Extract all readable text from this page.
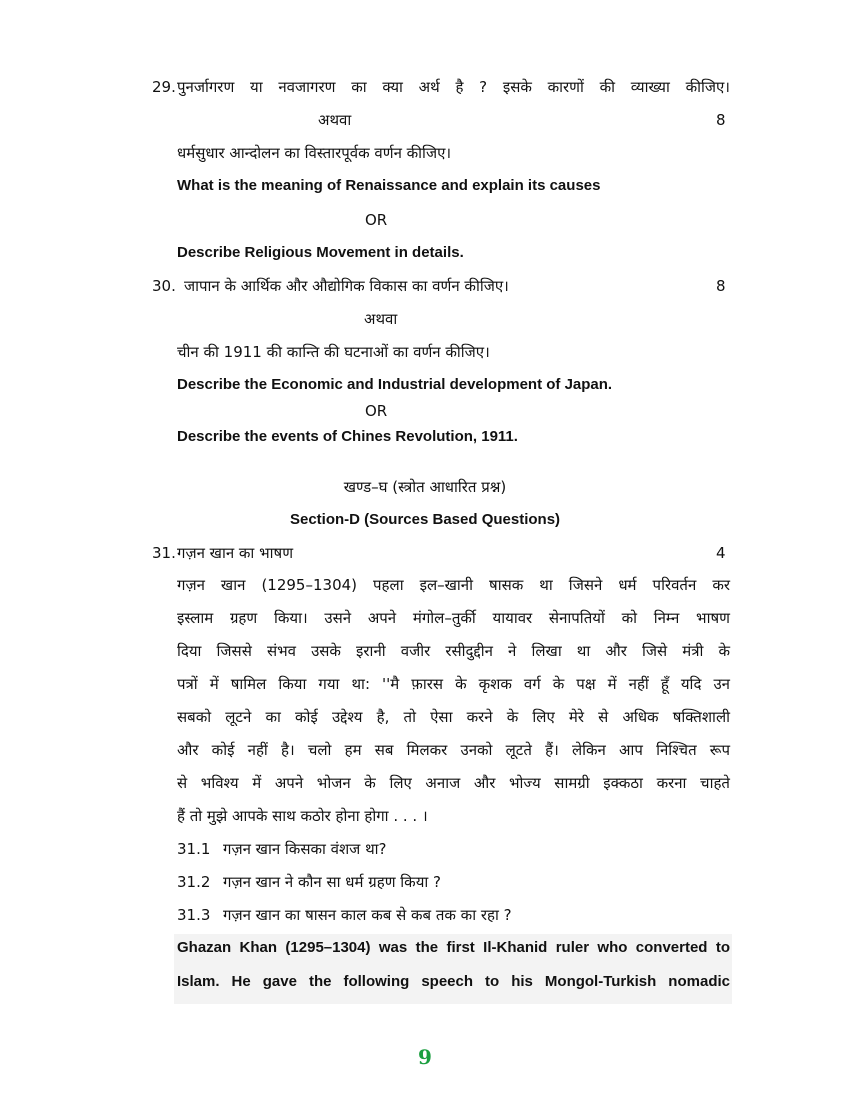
29. पुनर्जागरण या नवजागरण का क्या अर्थ है ? इसके कारणों की व्याख्या कीजिए।
अथवा	8
धर्मसुधार आन्दोलन का विस्तारपूर्वक वर्णन कीजिए।
What is the meaning of Renaissance and explain its causes
OR
Describe Religious Movement in details.
30. जापान के आर्थिक और औद्योगिक विकास का वर्णन कीजिए।	8
अथवा
चीन की 1911 की कान्ति की घटनाओं का वर्णन कीजिए।
Describe the Economic and Industrial development of Japan.
OR
Describe the events of Chines Revolution, 1911.
खण्ड–घ (स्त्रोत आधारित प्रश्न)
Section-D (Sources Based Questions)
31. गज़न खान का भाषण	4
गज़न खान (1295–1304) पहला इल–खानी षासक था जिसने धर्म परिवर्तन कर
इस्लाम ग्रहण किया। उसने अपने मंगोल–तुर्की यायावर सेनापतियों को निम्न भाषण
दिया जिससे संभव उसके इरानी वजीर रसीदुद्दीन ने लिखा था और जिसे मंत्री के
पत्रों में षामिल किया गया था: ''मै फ़ारस के कृशक वर्ग के पक्ष में नहीं हूँ यदि उन
सबको लूटने का कोई उद्देश्य है, तो ऐसा करने के लिए मेरे से अधिक षक्तिशाली
और कोई नहीं है। चलो हम सब मिलकर उनको लूटते हैं। लेकिन आप निश्चित रूप
से भविश्य में अपने भोजन के लिए अनाज और भोज्य सामग्री इक्कठा करना चाहते
हैं तो मुझे आपके साथ कठोर होना होगा . . . ।
31.1 गज़न खान किसका वंशज था?
31.2 गज़न खान ने कौन सा धर्म ग्रहण किया ?
31.3 गज़न खान का षासन काल कब से कब तक का रहा ?
Ghazan Khan (1295–1304) was the first Il-Khanid ruler who converted to
Islam. He gave the following speech to his Mongol-Turkish nomadic
9
